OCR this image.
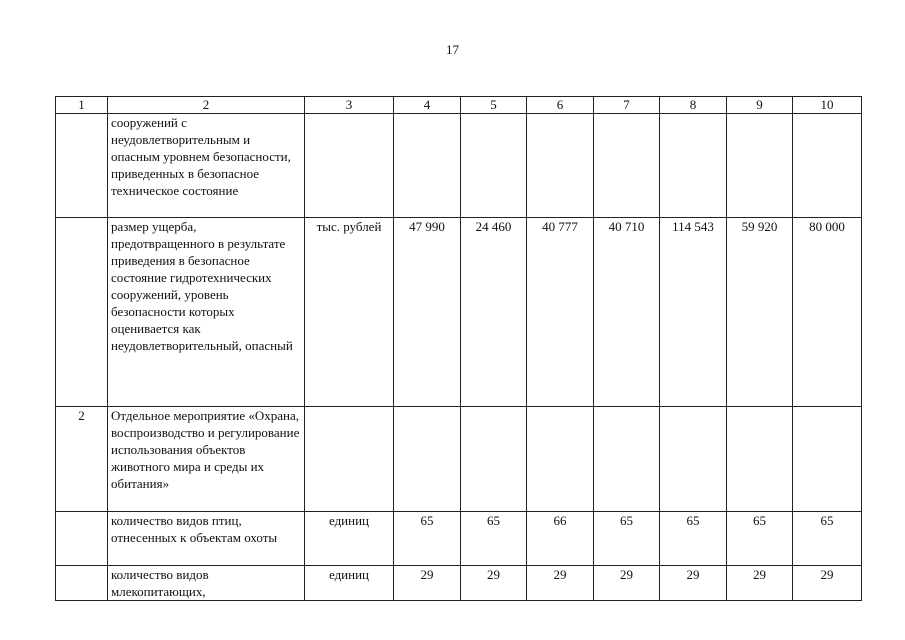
17
1	2	3	4	5	6	7	8	9	10
	сооружений с неудовлетворительным и опасным уровнем безопасности, приведенных в безопасное техническое состояние								
	размер ущерба, предотвращенного в результате приведения в безопасное состояние гидротехнических сооружений, уровень безопасности которых оценивается как неудовлетворительный, опасный	тыс. рублей	47 990	24 460	40 777	40 710	114 543	59 920	80 000
2	Отдельное мероприятие «Охрана, воспроизводство и регулирование использования объектов животного мира и среды их обитания»								
	количество видов птиц, отнесенных к объектам охоты	единиц	65	65	66	65	65	65	65
	количество видов млекопитающих,	единиц	29	29	29	29	29	29	29
